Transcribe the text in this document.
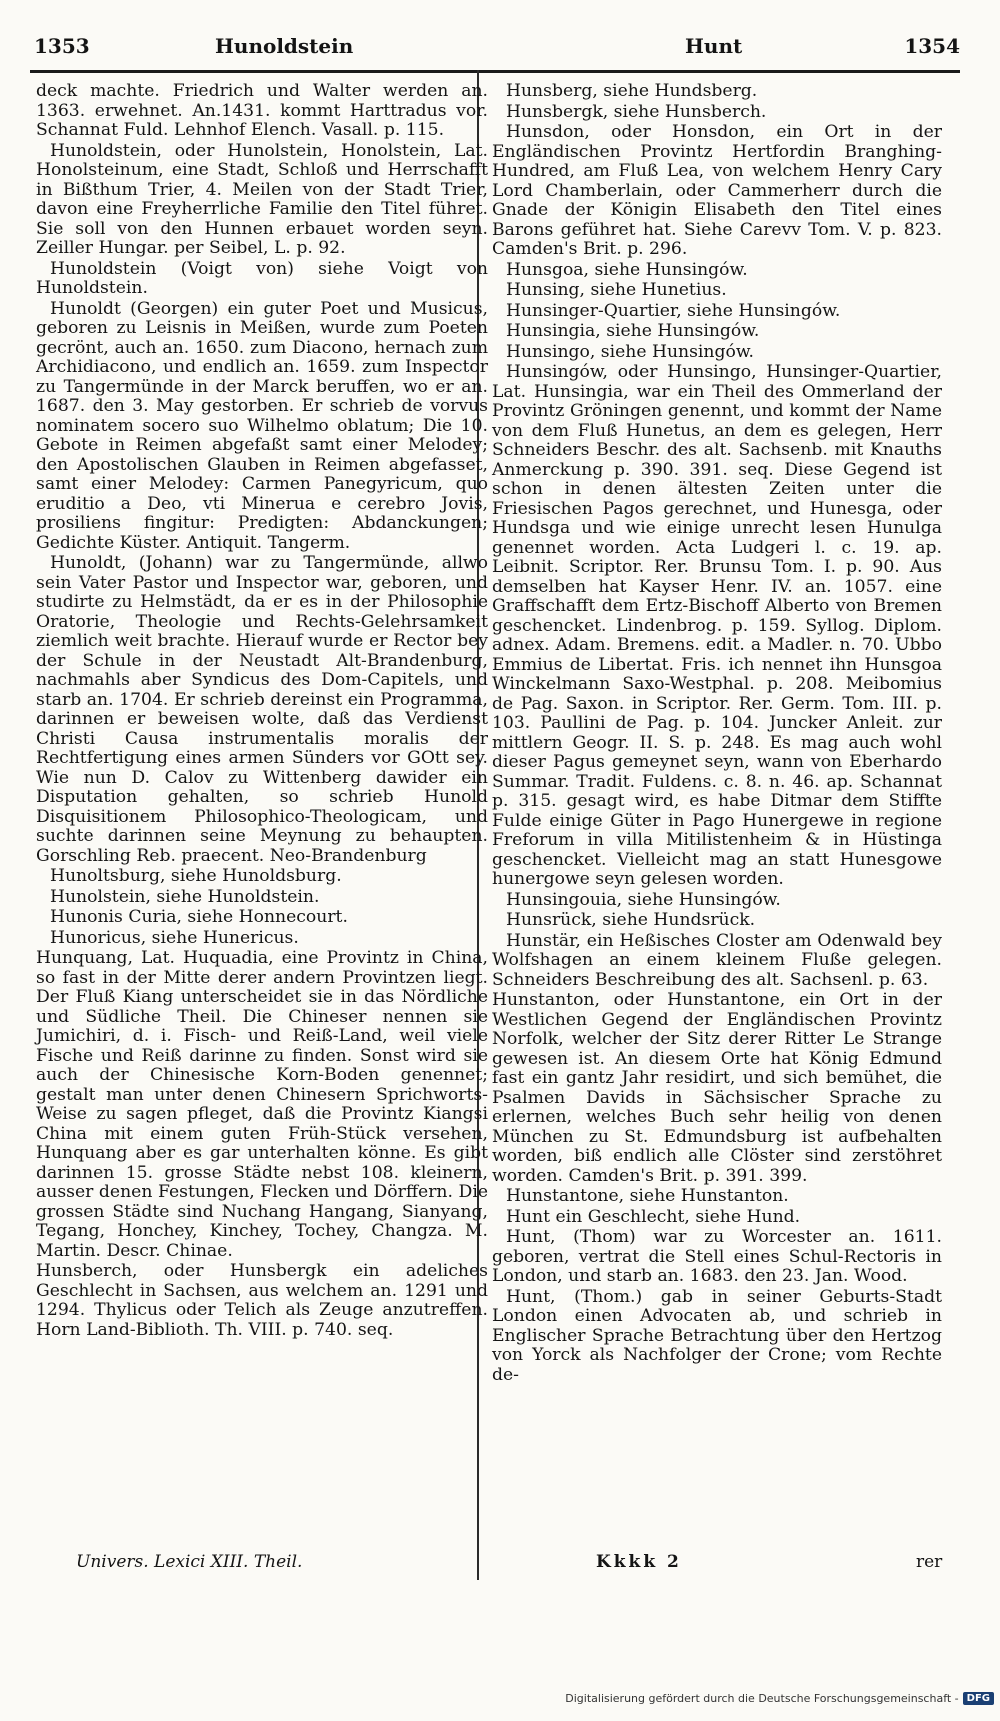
1353	Hunoldstein	Hunt	1354

deck machte. Friedrich und Walter werden an. 1363. erwehnet. An.1431. kommt Harttradus vor. Schannat Fuld. Lehnhof Elench. Vasall. p. 115.

Hunoldstein, oder Hunolstein, Honolstein, Lat. Honolsteinum, eine Stadt, Schloß und Herrschafft in Bißthum Trier, 4. Meilen von der Stadt Trier, davon eine Freyherrliche Familie den Titel führet. Sie soll von den Hunnen erbauet worden seyn. Zeiller Hungar. per Seibel, L. p. 92.

Hunoldstein (Voigt von) siehe Voigt von Hunoldstein.

Hunoldt (Georgen) ein guter Poet und Musicus, geboren zu Leisnis in Meißen, wurde zum Poeten gecrönt, auch an. 1650. zum Diacono, hernach zum Archidiacono, und endlich an. 1659. zum Inspector zu Tangermünde in der Marck beruffen, wo er an. 1687. den 3. May gestorben. Er schrieb de vorvus nominatem socero suo Wilhelmo oblatum; Die 10. Gebote in Reimen abgefaßt samt einer Melodey; den Apostolischen Glauben in Reimen abgefasset, samt einer Melodey: Carmen Panegyricum, quo eruditio a Deo, vti Minerua e cerebro Jovis, prosiliens fingitur: Predigten: Abdanckungen; Gedichte Küster. Antiquit. Tangerm.

Hunoldt, (Johann) war zu Tangermünde, allwo sein Vater Pastor und Inspector war, geboren, und studirte zu Helmstädt, da er es in der Philosophie Oratorie, Theologie und Rechts-Gelehrsamkeit ziemlich weit brachte. Hierauf wurde er Rector bey der Schule in der Neustadt Alt-Brandenburg, nachmahls aber Syndicus des Dom-Capitels, und starb an. 1704. Er schrieb dereinst ein Programma, darinnen er beweisen wolte, daß das Verdienst Christi Causa instrumentalis moralis der Rechtfertigung eines armen Sünders vor GOtt sey. Wie nun D. Calov zu Wittenberg dawider ein Disputation gehalten, so schrieb Hunold Disquisitionem Philosophico-Theologicam, und suchte darinnen seine Meynung zu behaupten. Gorschling Reb. praecent. Neo-Brandenburg

Hunoltsburg, siehe Hunoldsburg.

Hunolstein, siehe Hunoldstein.

Hunonis Curia, siehe Honnecourt.

Hunoricus, siehe Hunericus.

Hunquang, Lat. Huquadia, eine Provintz in China, so fast in der Mitte derer andern Provintzen liegt. Der Fluß Kiang unterscheidet sie in das Nördliche und Südliche Theil. Die Chineser nennen sie Jumichiri, d. i. Fisch- und Reiß-Land, weil viele Fische und Reiß darinne zu finden. Sonst wird sie auch der Chinesische Korn-Boden genennet; gestalt man unter denen Chinesern Sprichworts-Weise zu sagen pfleget, daß die Provintz Kiangsi China mit einem guten Früh-Stück versehen, Hunquang aber es gar unterhalten könne. Es gibt darinnen 15. grosse Städte nebst 108. kleinern, ausser denen Festungen, Flecken und Dörffern. Die grossen Städte sind Nuchang Hangang, Sianyang, Tegang, Honchey, Kinchey, Tochey, Changza. M. Martin. Descr. Chinae.

Hunsberch, oder Hunsbergk ein adeliches Geschlecht in Sachsen, aus welchem an. 1291 und 1294. Thylicus oder Telich als Zeuge anzutreffen. Horn Land-Biblioth. Th. VIII. p. 740. seq.

Hunsberg, siehe Hundsberg.

Hunsbergk, siehe Hunsberch.

Hunsdon, oder Honsdon, ein Ort in der Engländischen Provintz Hertfordin Branghing-Hundred, am Fluß Lea, von welchem Henry Cary Lord Chamberlain, oder Cammerherr durch die Gnade der Königin Elisabeth den Titel eines Barons geführet hat. Siehe Carevv Tom. V. p. 823. Camden's Brit. p. 296.

Hunsgoa, siehe Hunsingów.

Hunsing, siehe Hunetius.

Hunsinger-Quartier, siehe Hunsingów.

Hunsingia, siehe Hunsingów.

Hunsingo, siehe Hunsingów.

Hunsingów, oder Hunsingo, Hunsinger-Quartier, Lat. Hunsingia, war ein Theil des Ommerland der Provintz Gröningen genennt, und kommt der Name von dem Fluß Hunetus, an dem es gelegen, Herr Schneiders Beschr. des alt. Sachsenb. mit Knauths Anmerckung p. 390. 391. seq. Diese Gegend ist schon in denen ältesten Zeiten unter die Friesischen Pagos gerechnet, und Hunesga, oder Hundsga und wie einige unrecht lesen Hunulga genennet worden. Acta Ludgeri l. c. 19. ap. Leibnit. Scriptor. Rer. Brunsu Tom. I. p. 90. Aus demselben hat Kayser Henr. IV. an. 1057. eine Graffschafft dem Ertz-Bischoff Alberto von Bremen geschencket. Lindenbrog. p. 159. Syllog. Diplom. adnex. Adam. Bremens. edit. a Madler. n. 70. Ubbo Emmius de Libertat. Fris. ich nennet ihn Hunsgoa Winckelmann Saxo-Westphal. p. 208. Meibomius de Pag. Saxon. in Scriptor. Rer. Germ. Tom. III. p. 103. Paullini de Pag. p. 104. Juncker Anleit. zur mittlern Geogr. II. S. p. 248. Es mag auch wohl dieser Pagus gemeynet seyn, wann von Eberhardo Summar. Tradit. Fuldens. c. 8. n. 46. ap. Schannat p. 315. gesagt wird, es habe Ditmar dem Stiffte Fulde einige Güter in Pago Hunergewe in regione Freforum in villa Mitilistenheim & in Hüstinga geschencket. Vielleicht mag an statt Hunesgowe hunergowe seyn gelesen worden.

Hunsingouia, siehe Hunsingów.

Hunsrück, siehe Hundsrück.

Hunstär, ein Heßisches Closter am Odenwald bey Wolfshagen an einem kleinem Fluße gelegen. Schneiders Beschreibung des alt. Sachsenl. p. 63.

Hunstanton, oder Hunstantone, ein Ort in der Westlichen Gegend der Engländischen Provintz Norfolk, welcher der Sitz derer Ritter Le Strange gewesen ist. An diesem Orte hat König Edmund fast ein gantz Jahr residirt, und sich bemühet, die Psalmen Davids in Sächsischer Sprache zu erlernen, welches Buch sehr heilig von denen München zu St. Edmundsburg ist aufbehalten worden, biß endlich alle Clöster sind zerstöhret worden. Camden's Brit. p. 391. 399.

Hunstantone, siehe Hunstanton.

Hunt ein Geschlecht, siehe Hund.

Hunt, (Thom) war zu Worcester an. 1611. geboren, vertrat die Stell eines Schul-Rectoris in London, und starb an. 1683. den 23. Jan. Wood.

Hunt, (Thom.) gab in seiner Geburts-Stadt London einen Advocaten ab, und schrieb in Englischer Sprache Betrachtung über den Hertzog von Yorck als Nachfolger der Crone; vom Rechte de-

Univers. Lexici XIII. Theil.	Kkkk 2	rer
Digitalisierung gefördert durch die Deutsche Forschungsgemeinschaft - DFG
